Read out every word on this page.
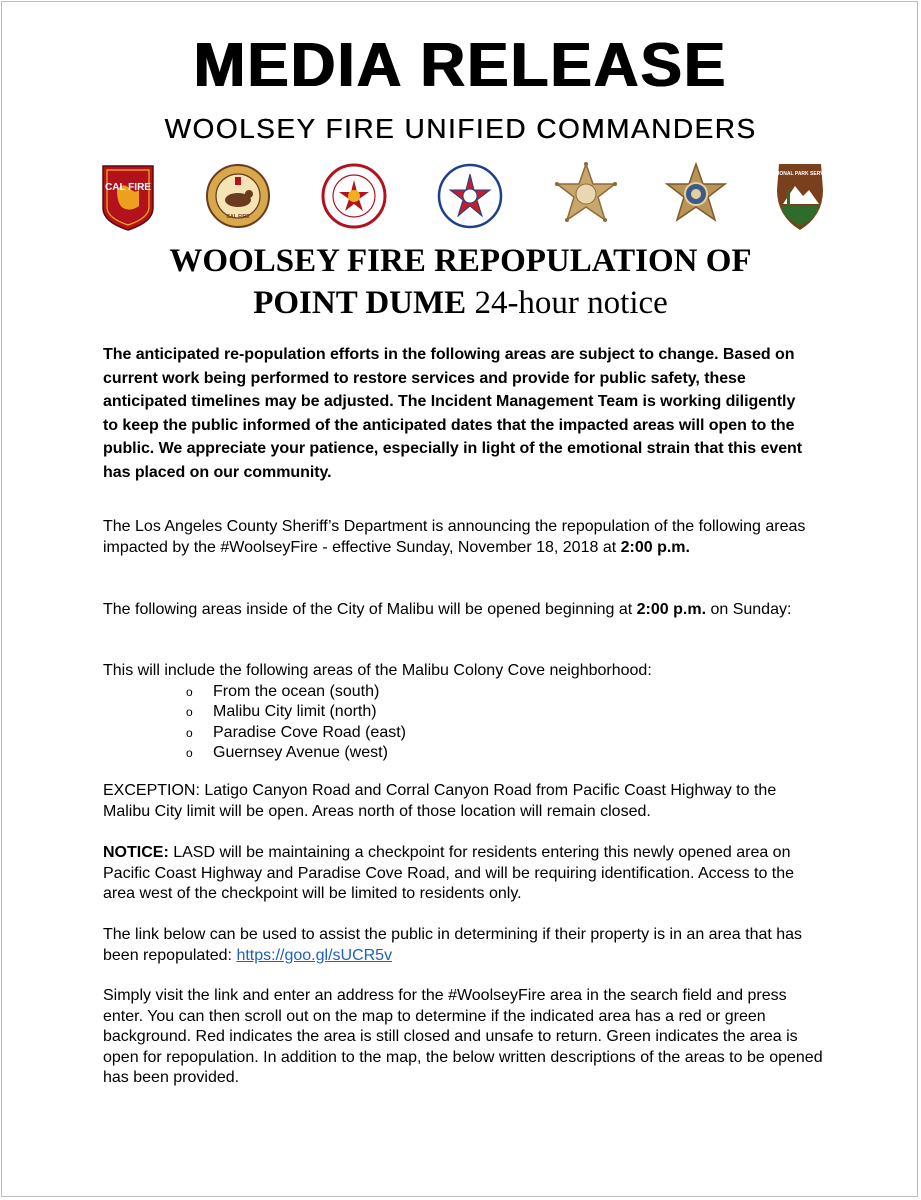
MEDIA RELEASE
WOOLSEY FIRE UNIFIED COMMANDERS
CAL FIRE
CAL FIRE
NATIONAL PARK SERVICE
WOOLSEY FIRE REPOPULATION OF
POINT DUME 24-hour notice
The anticipated re-population efforts in the following areas are subject to change. Based on current work being performed to restore services and provide for public safety, these anticipated timelines may be adjusted. The Incident Management Team is working diligently to keep the public informed of the anticipated dates that the impacted areas will open to the public. We appreciate your patience, especially in light of the emotional strain that this event has placed on our community.

The Los Angeles County Sheriff’s Department is announcing the repopulation of the following areas impacted by the #WoolseyFire - effective Sunday, November 18, 2018 at 2:00 p.m.

The following areas inside of the City of Malibu will be opened beginning at 2:00 p.m. on Sunday:

This will include the following areas of the Malibu Colony Cove neighborhood:

o From the ocean (south)
o Malibu City limit (north)
o Paradise Cove Road (east)
o Guernsey Avenue (west)

EXCEPTION: Latigo Canyon Road and Corral Canyon Road from Pacific Coast Highway to the Malibu City limit will be open. Areas north of those location will remain closed.

NOTICE: LASD will be maintaining a checkpoint for residents entering this newly opened area on Pacific Coast Highway and Paradise Cove Road, and will be requiring identification. Access to the area west of the checkpoint will be limited to residents only.

The link below can be used to assist the public in determining if their property is in an area that has been repopulated: https://goo.gl/sUCR5v

Simply visit the link and enter an address for the #WoolseyFire area in the search field and press enter. You can then scroll out on the map to determine if the indicated area has a red or green background. Red indicates the area is still closed and unsafe to return. Green indicates the area is open for repopulation. In addition to the map, the below written descriptions of the areas to be opened has been provided.
